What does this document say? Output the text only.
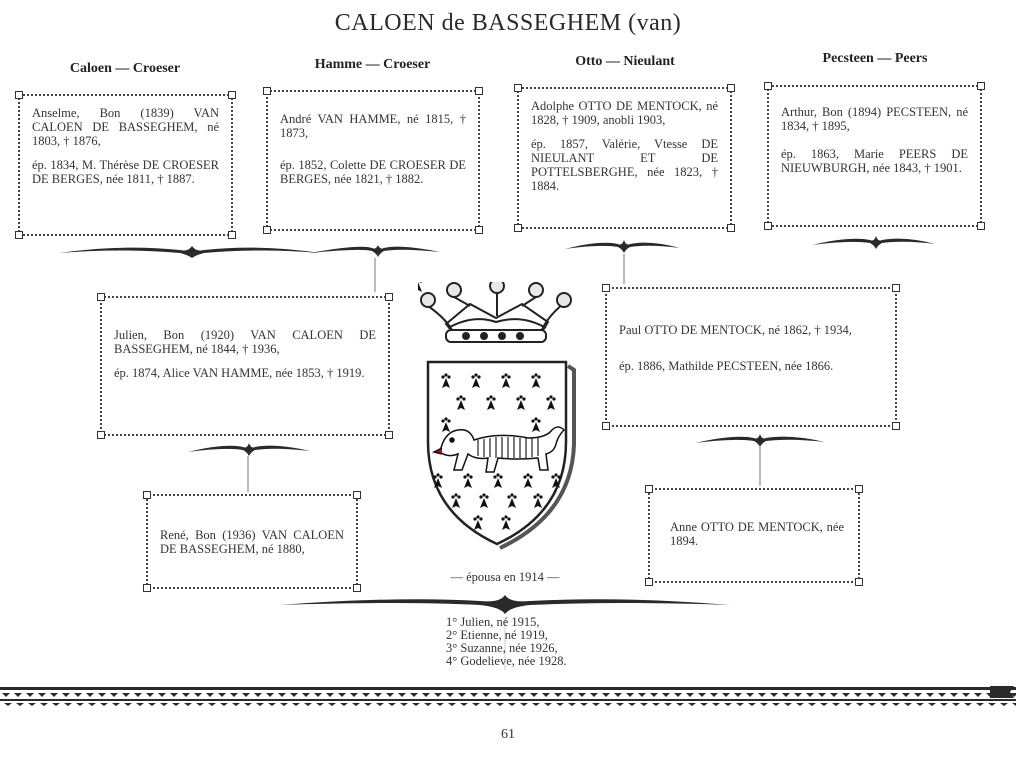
CALOEN de BASSEGHEM (van)
Caloen — Croeser	Hamme — Croeser	Otto — Nieulant	Pecsteen — Peers

Anselme, Bon (1839) VAN CALOEN DE BASSEGHEM, né 1803, † 1876,

ép. 1834, M. Thérèse DE CROESER DE BERGES, née 1811, † 1887.

André VAN HAMME, né 1815, † 1873,

ép. 1852, Colette DE CROESER DE BERGES, née 1821, † 1882.

Adolphe OTTO DE MENTOCK, né 1828, † 1909, anobli 1903,

ép. 1857, Valérie, Vtesse DE NIEULANT ET DE POTTELSBERGHE, née 1823, † 1884.

Arthur, Bon (1894) PECSTEEN, né 1834, † 1895,

ép. 1863, Marie PEERS DE NIEUWBURGH, née 1843, † 1901.

Julien, Bon (1920) VAN CALOEN DE BASSEGHEM, né 1844, † 1936,

ép. 1874, Alice VAN HAMME, née 1853, † 1919.

Paul OTTO DE MENTOCK, né 1862, † 1934,

ép. 1886, Mathilde PECSTEEN, née 1866.

René, Bon (1936) VAN CALOEN DE BASSEGHEM, né 1880,

Anne OTTO DE MENTOCK, née 1894.

— épousa en 1914 —
1° Julien, né 1915,
2° Etienne, né 1919,
3° Suzanne, née 1926,
4° Godelieve, née 1928.
61
